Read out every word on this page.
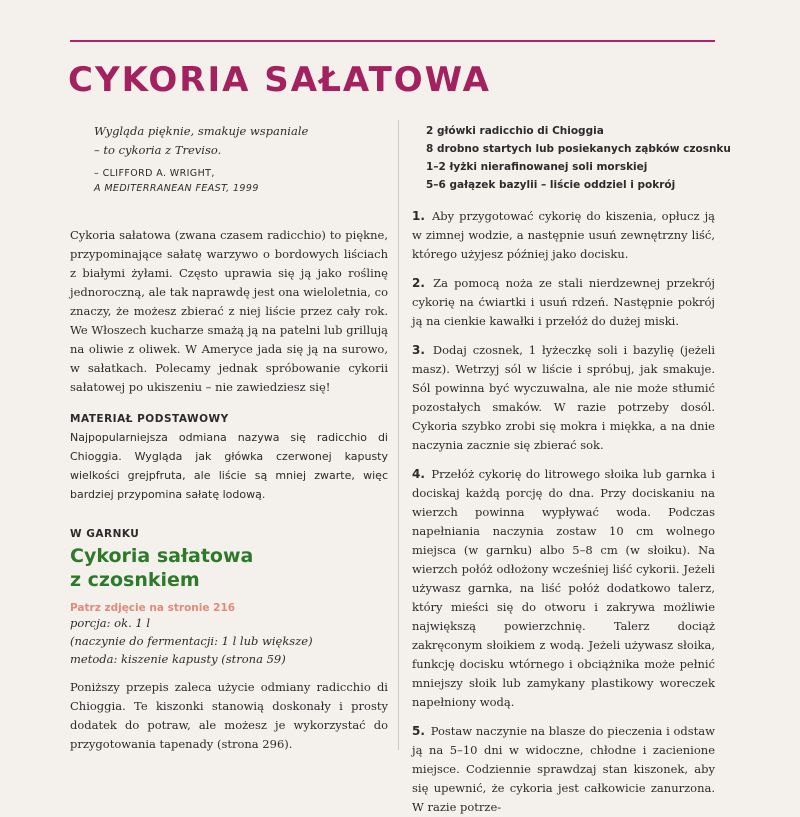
CYKORIA SAŁATOWA
Wygląda pięknie, smakuje wspaniale
– to cykoria z Treviso.
– CLIFFORD A. WRIGHT,
A MEDITERRANEAN FEAST, 1999

Cykoria sałatowa (zwana czasem radicchio) to piękne, przypominające sałatę warzywo o bordowych liściach z białymi żyłami. Często uprawia się ją jako roślinę jednoroczną, ale tak naprawdę jest ona wieloletnia, co znaczy, że możesz zbierać z niej liście przez cały rok. We Włoszech kucharze smażą ją na patelni lub grillują na oliwie z oliwek. W Ameryce jada się ją na surowo, w sałatkach. Polecamy jednak spróbowanie cykorii sałatowej po ukiszeniu – nie zawiedziesz się!

MATERIAŁ PODSTAWOWY

Najpopularniejsza odmiana nazywa się radicchio di Chioggia. Wygląda jak główka czerwonej kapusty wielkości grejpfruta, ale liście są mniej zwarte, więc bardziej przypomina sałatę lodową.

W GARNKU
Cykoria sałatowa
z czosnkiem
Patrz zdjęcie na stronie 216
porcja: ok. 1 l
(naczynie do fermentacji: 1 l lub większe)
metoda: kiszenie kapusty (strona 59)

Poniższy przepis zaleca użycie odmiany radicchio di Chioggia. Te kiszonki stanowią doskonały i prosty dodatek do potraw, ale możesz je wykorzystać do przygotowania tapenady (strona 296).

2 główki radicchio di Chioggia
8 drobno startych lub posiekanych ząbków czosnku
1–2 łyżki nierafinowanej soli morskiej
5–6 gałązek bazylii – liście oddziel i pokrój
1. Aby przygotować cykorię do kiszenia, opłucz ją w zimnej wodzie, a następnie usuń zewnętrzny liść, którego użyjesz później jako docisku.
2. Za pomocą noża ze stali nierdzewnej przekrój cykorię na ćwiartki i usuń rdzeń. Następnie pokrój ją na cienkie kawałki i przełóż do dużej miski.
3. Dodaj czosnek, 1 łyżeczkę soli i bazylię (jeżeli masz). Wetrzyj sól w liście i spróbuj, jak smakuje. Sól powinna być wyczuwalna, ale nie może stłumić pozostałych smaków. W razie potrzeby dosól. Cykoria szybko zrobi się mokra i miękka, a na dnie naczynia zacznie się zbierać sok.
4. Przełóż cykorię do litrowego słoika lub garnka i dociskaj każdą porcję do dna. Przy dociskaniu na wierzch powinna wypływać woda. Podczas napełniania naczynia zostaw 10 cm wolnego miejsca (w garnku) albo 5–8 cm (w słoiku). Na wierzch połóż odłożony wcześniej liść cykorii. Jeżeli używasz garnka, na liść połóż dodatkowo talerz, który mieści się do otworu i zakrywa możliwie największą powierzchnię. Talerz dociąż zakręconym słoikiem z wodą. Jeżeli używasz słoika, funkcję docisku wtórnego i obciążnika może pełnić mniejszy słoik lub zamykany plastikowy woreczek napełniony wodą.
5. Postaw naczynie na blasze do pieczenia i odstaw ją na 5–10 dni w widoczne, chłodne i zacienione miejsce. Codziennie sprawdzaj stan kiszonek, aby się upewnić, że cykoria jest całkowicie zanurzona. W razie potrze-
